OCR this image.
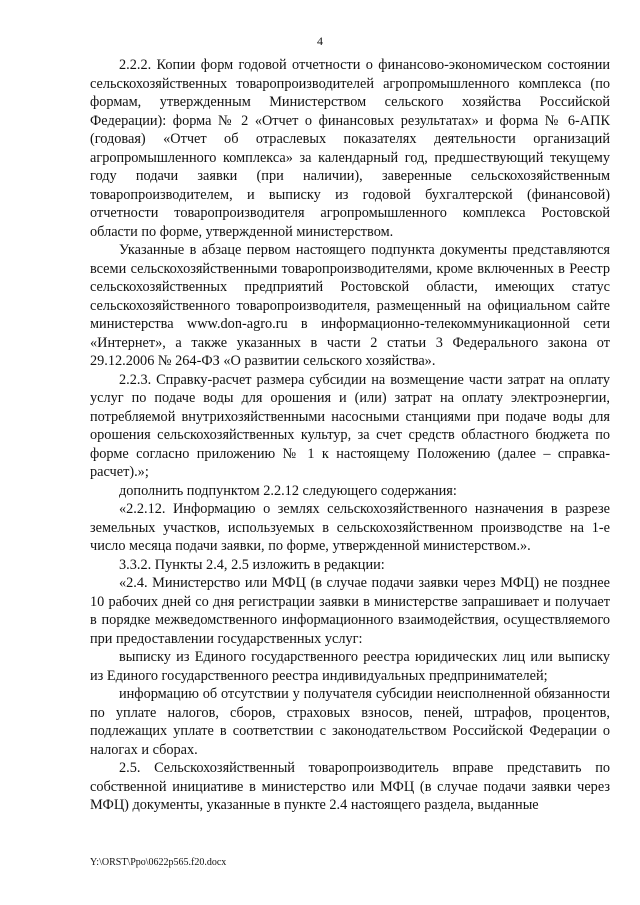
4

2.2.2. Копии форм годовой отчетности о финансово-экономическом состоянии сельскохозяйственных товаропроизводителей агропромышленного комплекса (по формам, утвержденным Министерством сельского хозяйства Российской Федерации): форма № 2 «Отчет о финансовых результатах» и форма № 6-АПК (годовая) «Отчет об отраслевых показателях деятельности организаций агропромышленного комплекса» за календарный год, предшествующий текущему году подачи заявки (при наличии), заверенные сельскохозяйственным товаропроизводителем, и выписку из годовой бухгалтерской (финансовой) отчетности товаропроизводителя агропромышленного комплекса Ростовской области по форме, утвержденной министерством.

Указанные в абзаце первом настоящего подпункта документы представляются всеми сельскохозяйственными товаропроизводителями, кроме включенных в Реестр сельскохозяйственных предприятий Ростовской области, имеющих статус сельскохозяйственного товаропроизводителя, размещенный на официальном сайте министерства www.don-agro.ru в информационно-телекоммуникационной сети «Интернет», а также указанных в части 2 статьи 3 Федерального закона от 29.12.2006 № 264-ФЗ «О развитии сельского хозяйства».

2.2.3. Справку-расчет размера субсидии на возмещение части затрат на оплату услуг по подаче воды для орошения и (или) затрат на оплату электроэнергии, потребляемой внутрихозяйственными насосными станциями при подаче воды для орошения сельскохозяйственных культур, за счет средств областного бюджета по форме согласно приложению № 1 к настоящему Положению (далее – справка-расчет).»;

дополнить подпунктом 2.2.12 следующего содержания:

«2.2.12. Информацию о землях сельскохозяйственного назначения в разрезе земельных участков, используемых в сельскохозяйственном производстве на 1-е число месяца подачи заявки, по форме, утвержденной министерством.».

3.3.2. Пункты 2.4, 2.5 изложить в редакции:

«2.4. Министерство или МФЦ (в случае подачи заявки через МФЦ) не позднее 10 рабочих дней со дня регистрации заявки в министерстве запрашивает и получает в порядке межведомственного информационного взаимодействия, осуществляемого при предоставлении государственных услуг:

выписку из Единого государственного реестра юридических лиц или выписку из Единого государственного реестра индивидуальных предпринимателей;

информацию об отсутствии у получателя субсидии неисполненной обязанности по уплате налогов, сборов, страховых взносов, пеней, штрафов, процентов, подлежащих уплате в соответствии с законодательством Российской Федерации о налогах и сборах.

2.5. Сельскохозяйственный товаропроизводитель вправе представить по собственной инициативе в министерство или МФЦ (в случае подачи заявки через МФЦ) документы, указанные в пункте 2.4 настоящего раздела, выданные

Y:\ORST\Ppo\0622p565.f20.docx
